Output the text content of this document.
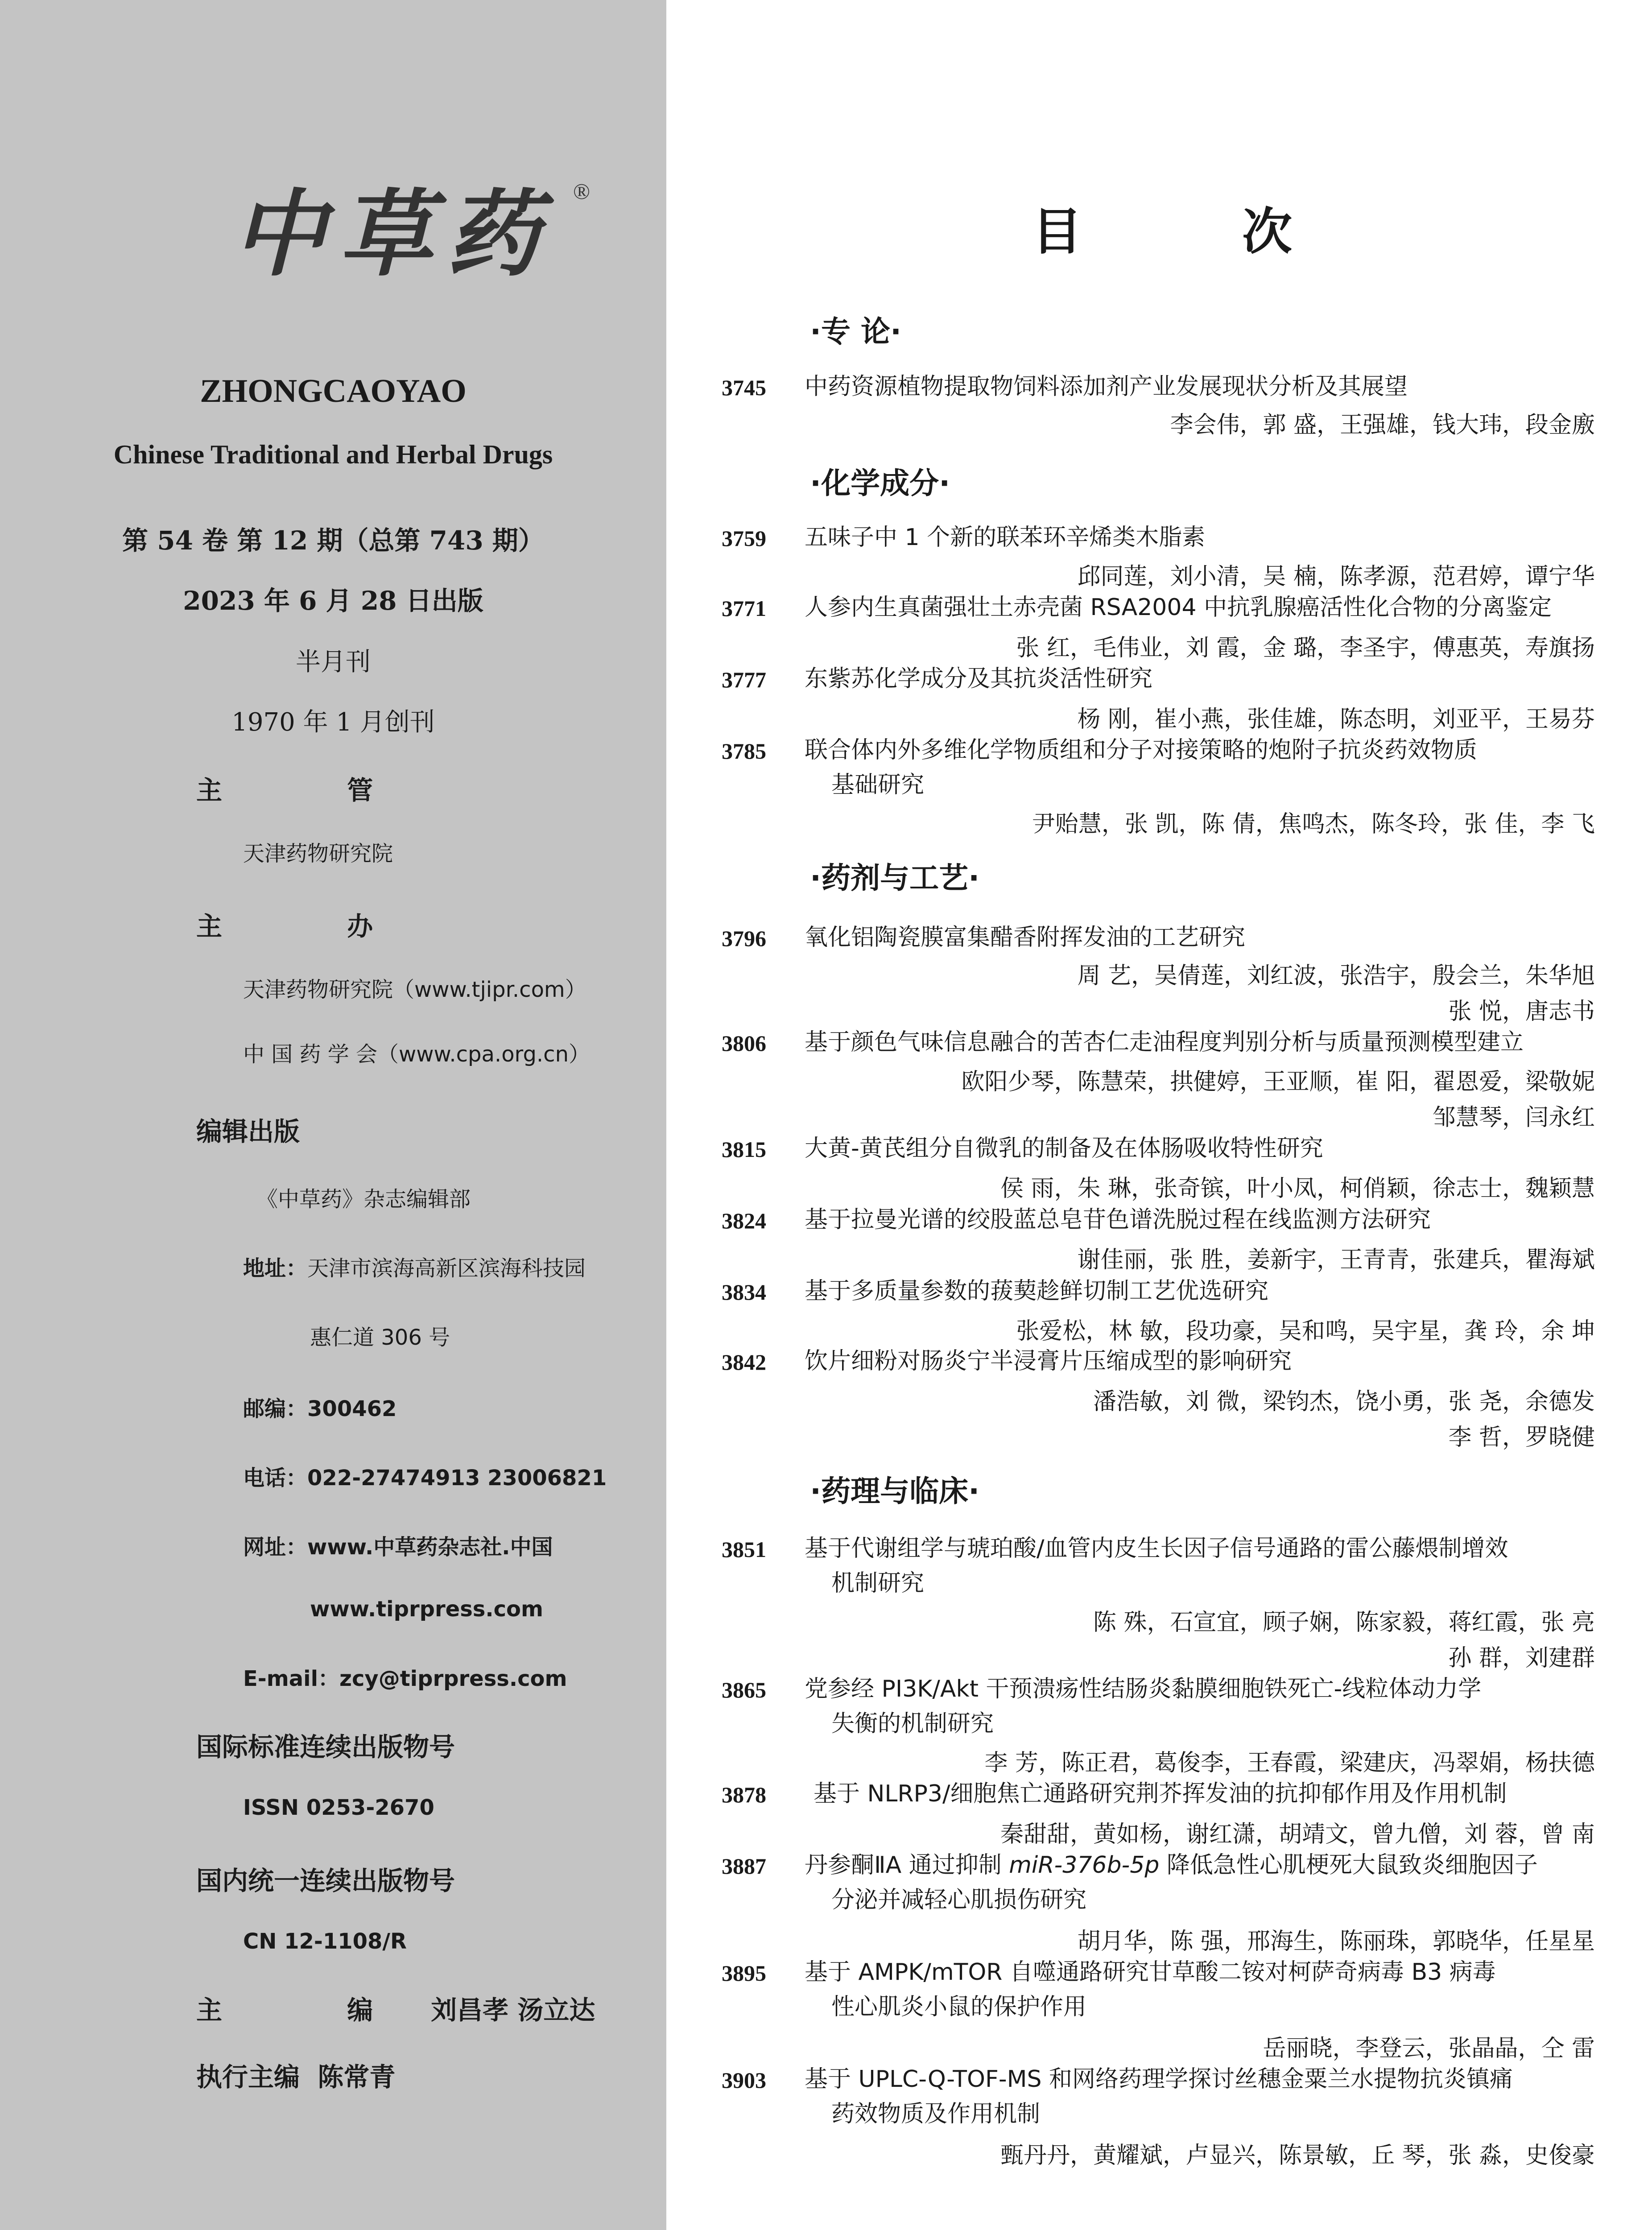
中草药 ®
ZHONGCAOYAO
Chinese Traditional and Herbal Drugs
第 54 卷 第 12 期（总第 743 期）
2023 年 6 月 28 日出版
半月刊
1970 年 1 月创刊
主 管
天津药物研究院
主 办
天津药物研究院（www.tjipr.com）
中 国 药 学 会（www.cpa.org.cn）
编辑出版
《中草药》杂志编辑部
地址：天津市滨海高新区滨海科技园
惠仁道 306 号
邮编：300462
电话：022-27474913 23006821
网址：www.中草药杂志社.中国
www.tiprpress.com
E-mail：zcy@tiprpress.com
国际标准连续出版物号
ISSN 0253-2670
国内统一连续出版物号
CN 12-1108/R
主 编刘昌孝 汤立达
执行主编 陈常青
目 次
·专 论·
3745	中药资源植物提取物饲料添加剂产业发展现状分析及其展望
李会伟，郭 盛，王强雄，钱大玮，段金廒
·化学成分·
3759	五味子中 1 个新的联苯环辛烯类木脂素
邱同莲，刘小清，吴 楠，陈孝源，范君婷，谭宁华
3771	人参内生真菌强壮土赤壳菌 RSA2004 中抗乳腺癌活性化合物的分离鉴定
张 红，毛伟业，刘 霞，金 璐，李圣宇，傅惠英，寿旗扬
3777	东紫苏化学成分及其抗炎活性研究
杨 刚，崔小燕，张佳雄，陈态明，刘亚平，王易芬
3785	联合体内外多维化学物质组和分子对接策略的炮附子抗炎药效物质
基础研究
尹贻慧，张 凯，陈 倩，焦鸣杰，陈冬玲，张 佳，李 飞
·药剂与工艺·
3796	氧化铝陶瓷膜富集醋香附挥发油的工艺研究
周 艺，吴倩莲，刘红波，张浩宇，殷会兰，朱华旭
张 悦，唐志书
3806	基于颜色气味信息融合的苦杏仁走油程度判别分析与质量预测模型建立
欧阳少琴，陈慧荣，拱健婷，王亚顺，崔 阳，翟恩爱，梁敬妮
邹慧琴，闫永红
3815	大黄-黄芪组分自微乳的制备及在体肠吸收特性研究
侯 雨，朱 琳，张奇镔，叶小凤，柯俏颖，徐志士，魏颖慧
3824	基于拉曼光谱的绞股蓝总皂苷色谱洗脱过程在线监测方法研究
谢佳丽，张 胜，姜新宇，王青青，张建兵，瞿海斌
3834	基于多质量参数的菝葜趁鲜切制工艺优选研究
张爱松，林 敏，段功豪，吴和鸣，吴宇星，龚 玲，余 坤
3842	饮片细粉对肠炎宁半浸膏片压缩成型的影响研究
潘浩敏，刘 微，梁钧杰，饶小勇，张 尧，余德发
李 哲，罗晓健
·药理与临床·
3851	基于代谢组学与琥珀酸/血管内皮生长因子信号通路的雷公藤煨制增效
机制研究
陈 殊，石宣宜，顾子娴，陈家毅，蒋红霞，张 亮
孙 群，刘建群
3865	党参经 PI3K/Akt 干预溃疡性结肠炎黏膜细胞铁死亡-线粒体动力学
失衡的机制研究
李 芳，陈正君，葛俊李，王春霞，梁建庆，冯翠娟，杨扶德
3878	基于 NLRP3/细胞焦亡通路研究荆芥挥发油的抗抑郁作用及作用机制
秦甜甜，黄如杨，谢红潇，胡靖文，曾九僧，刘 蓉，曾 南
3887	丹参酮ⅡA 通过抑制 miR-376b-5p 降低急性心肌梗死大鼠致炎细胞因子
分泌并减轻心肌损伤研究
胡月华，陈 强，邢海生，陈丽珠，郭晓华，任星星
3895	基于 AMPK/mTOR 自噬通路研究甘草酸二铵对柯萨奇病毒 B3 病毒
性心肌炎小鼠的保护作用
岳丽晓，李登云，张晶晶，仝 雷
3903	基于 UPLC-Q-TOF-MS 和网络药理学探讨丝穗金粟兰水提物抗炎镇痛
药效物质及作用机制
甄丹丹，黄耀斌，卢显兴，陈景敏，丘 琴，张 淼，史俊豪
